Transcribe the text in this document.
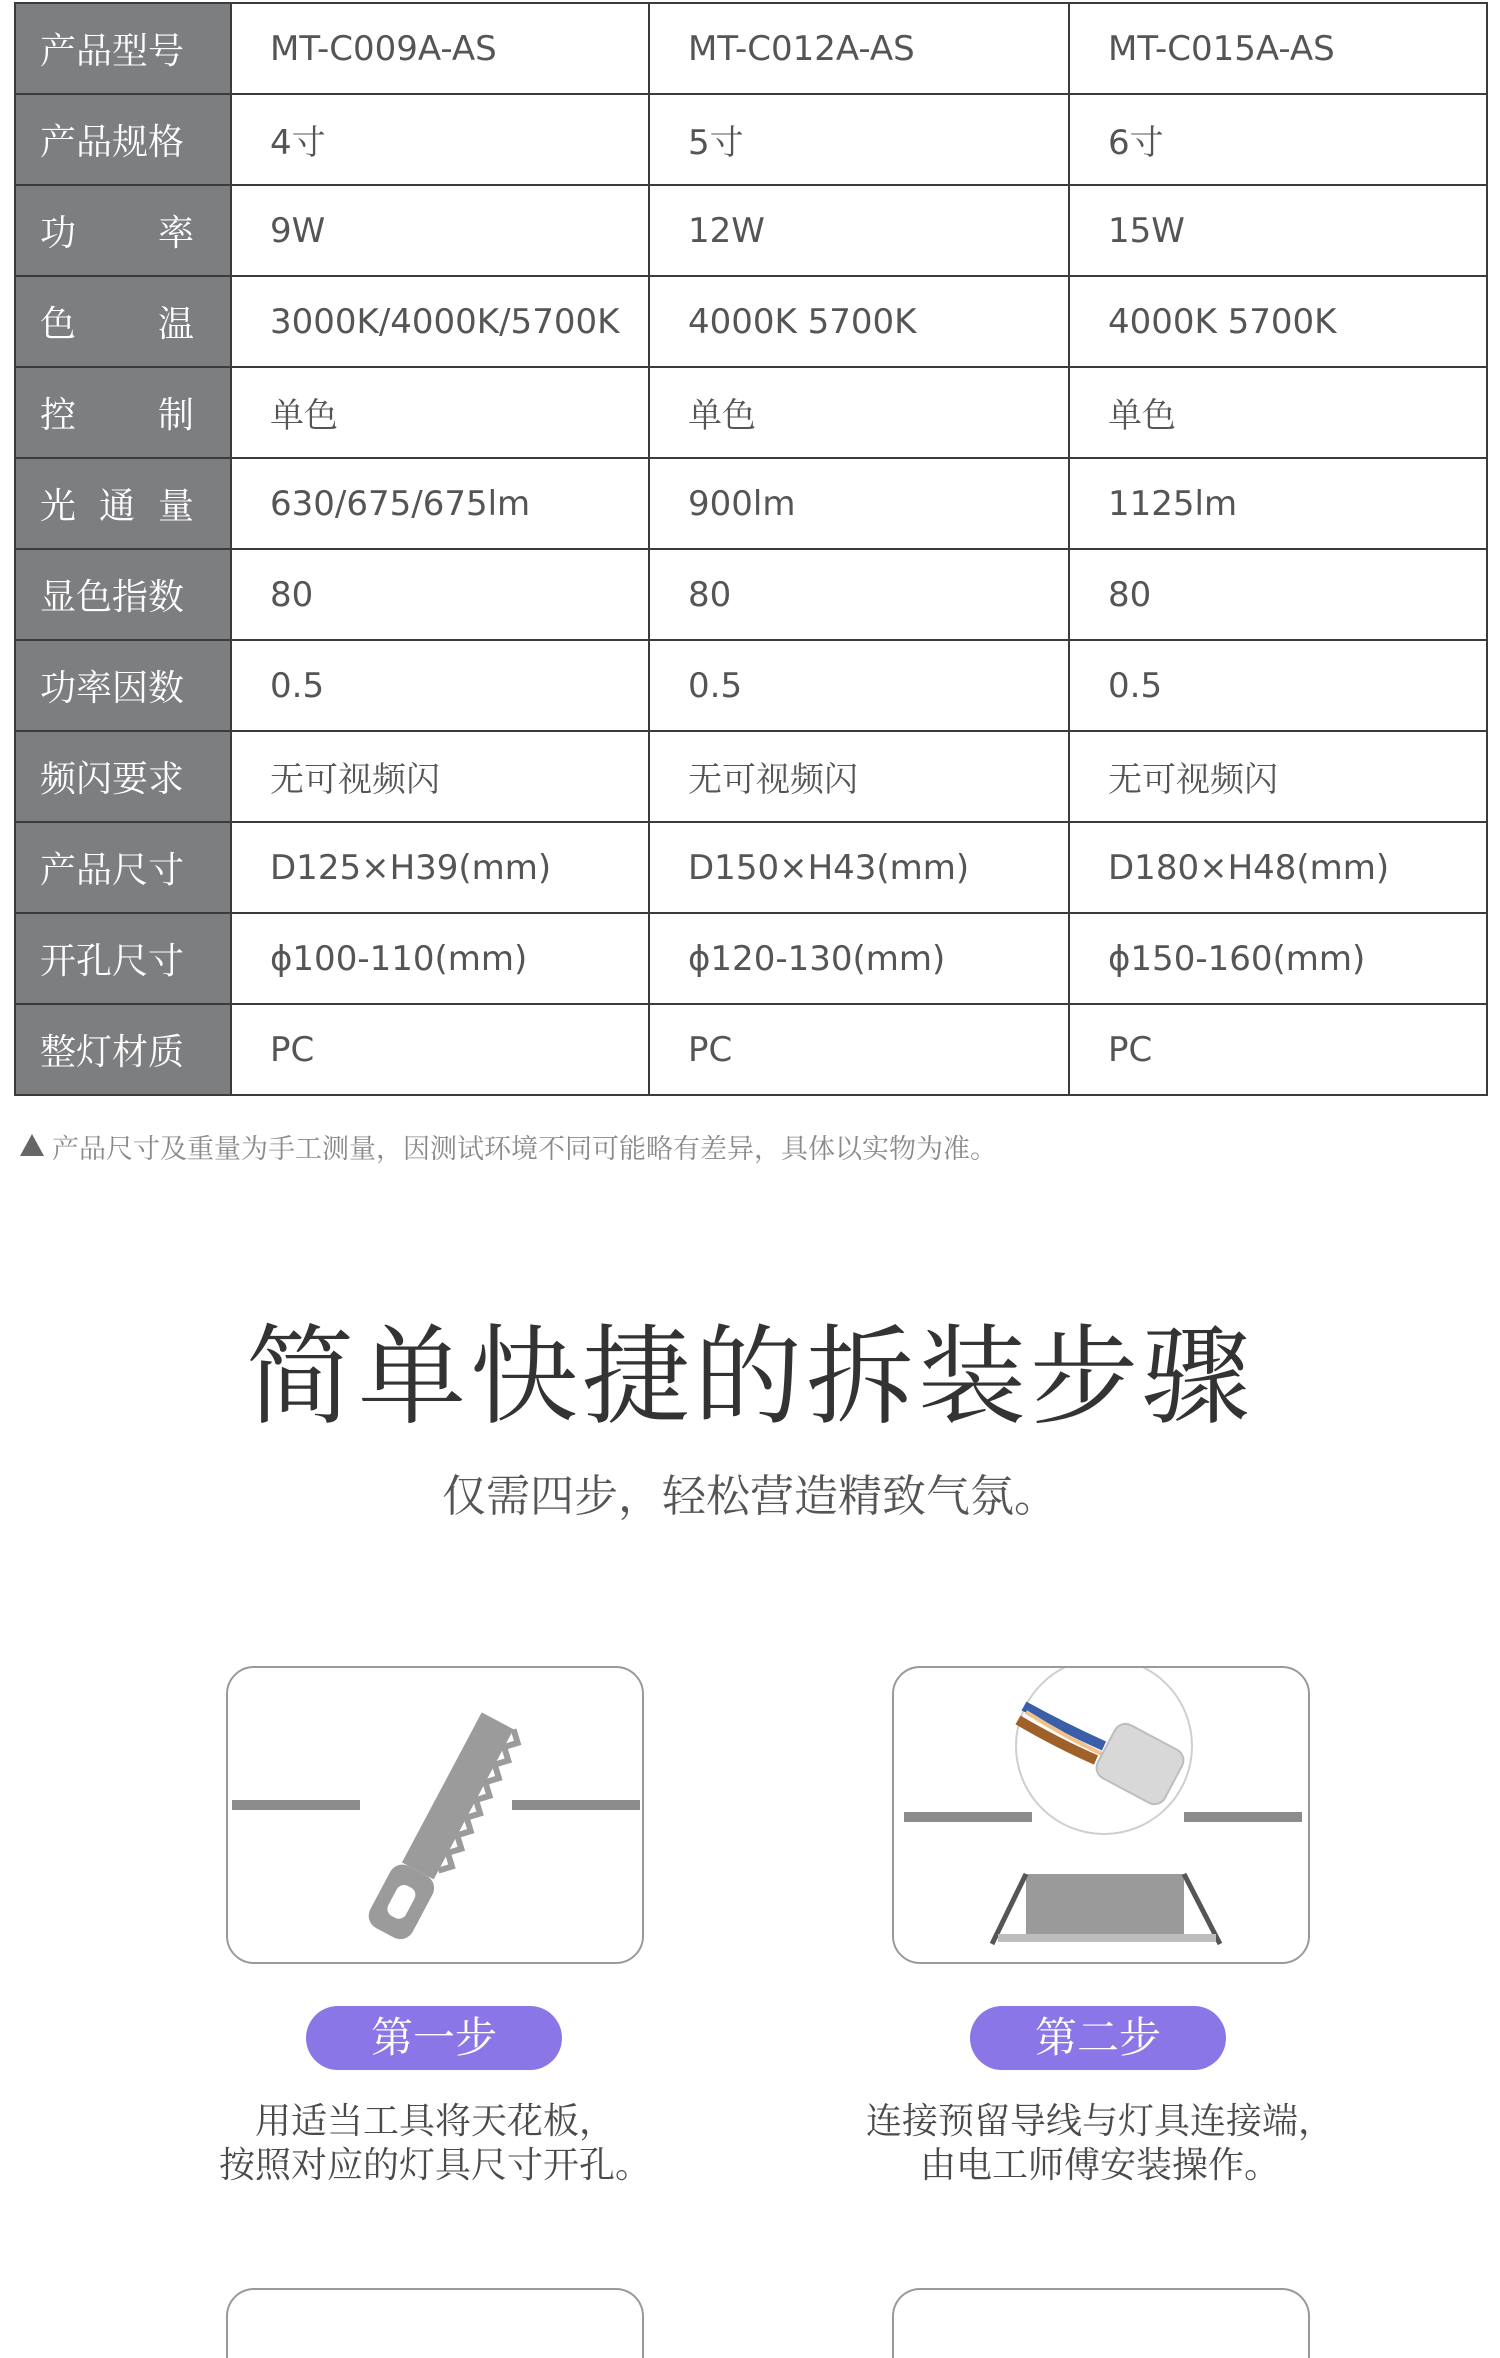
产品型号	MT-C009A-AS	MT-C012A-AS	MT-C015A-AS
产品规格	4寸	5寸	6寸

功 率	9W	12W	15W

色 温	3000K/4000K/5700K	4000K 5700K	4000K 5700K

控 制	单色	单色	单色

光 通 量	630/675/675lm	900lm	1125lm
显色指数	80	80	80
功率因数	0.5	0.5	0.5
频闪要求	无可视频闪	无可视频闪	无可视频闪
产品尺寸	D125×H39(mm)	D150×H43(mm)	D180×H48(mm)
开孔尺寸	ϕ100-110(mm)	ϕ120-130(mm)	ϕ150-160(mm)
整灯材质	PC	PC	PC
产品尺寸及重量为手工测量，因测试环境不同可能略有差异，具体以实物为准。
简单快捷的拆装步骤

仅需四步，轻松营造精致气氛。

第一步
用适当工具将天花板，
按照对应的灯具尺寸开孔。
第二步
连接预留导线与灯具连接端，
由电工师傅安装操作。
